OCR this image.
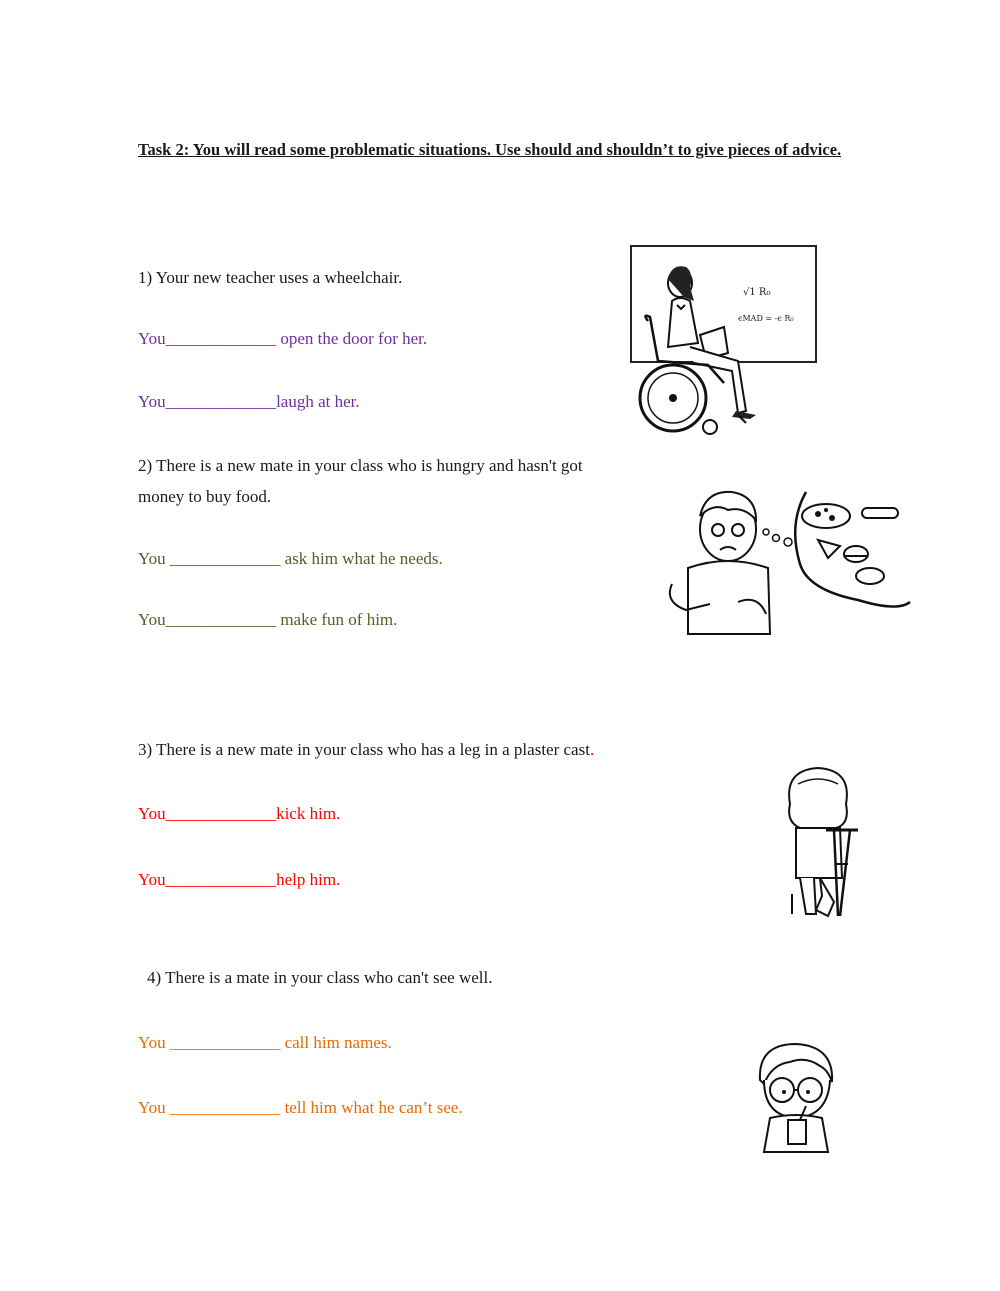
Task 2: You will read some problematic situations. Use should and shouldn’t to give pieces of advice.
1) Your new teacher uses a wheelchair.
You_____________ open the door for her.
You_____________laugh at her.
2) There is a new mate in your class who is hungry and hasn't got
money to buy food.
You _____________ ask him what he needs.
You_____________ make fun of him.
3) There is a new mate in your class who has a leg in a plaster cast.
You_____________kick him.
You_____________help him.
4) There is a mate in your class who can't see well.
You _____________ call him names.
You _____________ tell him what he can’t see.
√1 R₀
ϵMAD = -ϵ R₀
